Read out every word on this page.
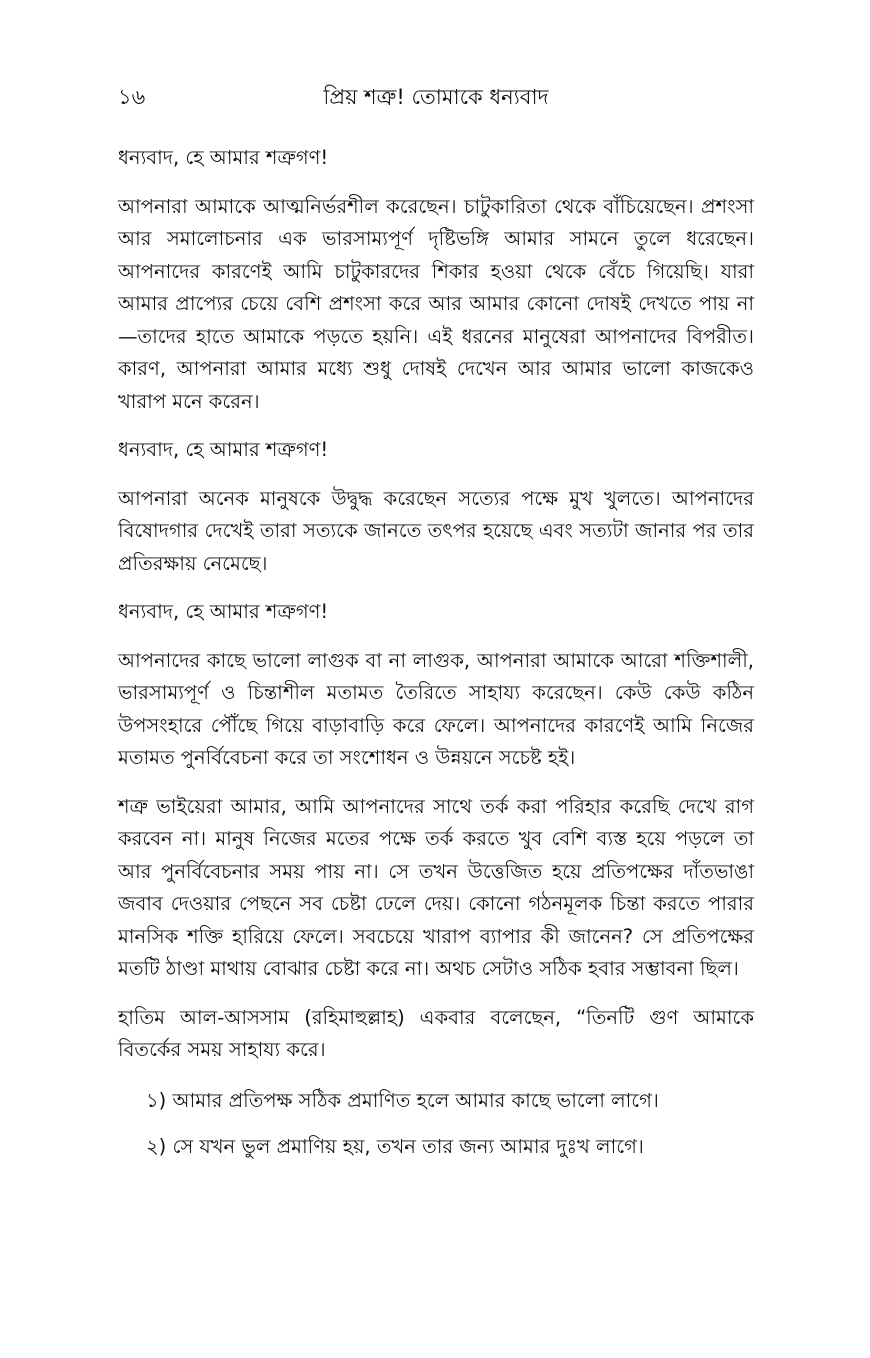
১৬	প্রিয় শত্রু! তোমাকে ধন্যবাদ

ধন্যবাদ, হে আমার শত্রুগণ!

আপনারা আমাকে আত্মনির্ভরশীল করেছেন। চাটুকারিতা থেকে বাঁচিয়েছেন। প্রশংসা আর সমালোচনার এক ভারসাম্যপূর্ণ দৃষ্টিভঙ্গি আমার সামনে তুলে ধরেছেন। আপনাদের কারণেই আমি চাটুকারদের শিকার হওয়া থেকে বেঁচে গিয়েছি। যারা আমার প্রাপ্যের চেয়ে বেশি প্রশংসা করে আর আমার কোনো দোষই দেখতে পায় না—তাদের হাতে আমাকে পড়তে হয়নি। এই ধরনের মানুষেরা আপনাদের বিপরীত। কারণ, আপনারা আমার মধ্যে শুধু দোষই দেখেন আর আমার ভালো কাজকেও খারাপ মনে করেন।

ধন্যবাদ, হে আমার শত্রুগণ!

আপনারা অনেক মানুষকে উদ্বুদ্ধ করেছেন সত্যের পক্ষে মুখ খুলতে। আপনাদের বিষোদগার দেখেই তারা সত্যকে জানতে তৎপর হয়েছে এবং সত্যটা জানার পর তার প্রতিরক্ষায় নেমেছে।

ধন্যবাদ, হে আমার শত্রুগণ!

আপনাদের কাছে ভালো লাগুক বা না লাগুক, আপনারা আমাকে আরো শক্তিশালী, ভারসাম্যপূর্ণ ও চিন্তাশীল মতামত তৈরিতে সাহায্য করেছেন। কেউ কেউ কঠিন উপসংহারে পৌঁছে গিয়ে বাড়াবাড়ি করে ফেলে। আপনাদের কারণেই আমি নিজের মতামত পুনর্বিবেচনা করে তা সংশোধন ও উন্নয়নে সচেষ্ট হই।

শত্রু ভাইয়েরা আমার, আমি আপনাদের সাথে তর্ক করা পরিহার করেছি দেখে রাগ করবেন না। মানুষ নিজের মতের পক্ষে তর্ক করতে খুব বেশি ব্যস্ত হয়ে পড়লে তা আর পুনর্বিবেচনার সময় পায় না। সে তখন উত্তেজিত হয়ে প্রতিপক্ষের দাঁতভাঙা জবাব দেওয়ার পেছনে সব চেষ্টা ঢেলে দেয়। কোনো গঠনমূলক চিন্তা করতে পারার মানসিক শক্তি হারিয়ে ফেলে। সবচেয়ে খারাপ ব্যাপার কী জানেন? সে প্রতিপক্ষের মতটি ঠাণ্ডা মাথায় বোঝার চেষ্টা করে না। অথচ সেটাও সঠিক হবার সম্ভাবনা ছিল।

হাতিম আল-আসসাম (রহিমাহুল্লাহ) একবার বলেছেন, “তিনটি গুণ আমাকে বিতর্কের সময় সাহায্য করে।

১) আমার প্রতিপক্ষ সঠিক প্রমাণিত হলে আমার কাছে ভালো লাগে।
২) সে যখন ভুল প্রমাণিয় হয়, তখন তার জন্য আমার দুঃখ লাগে।
